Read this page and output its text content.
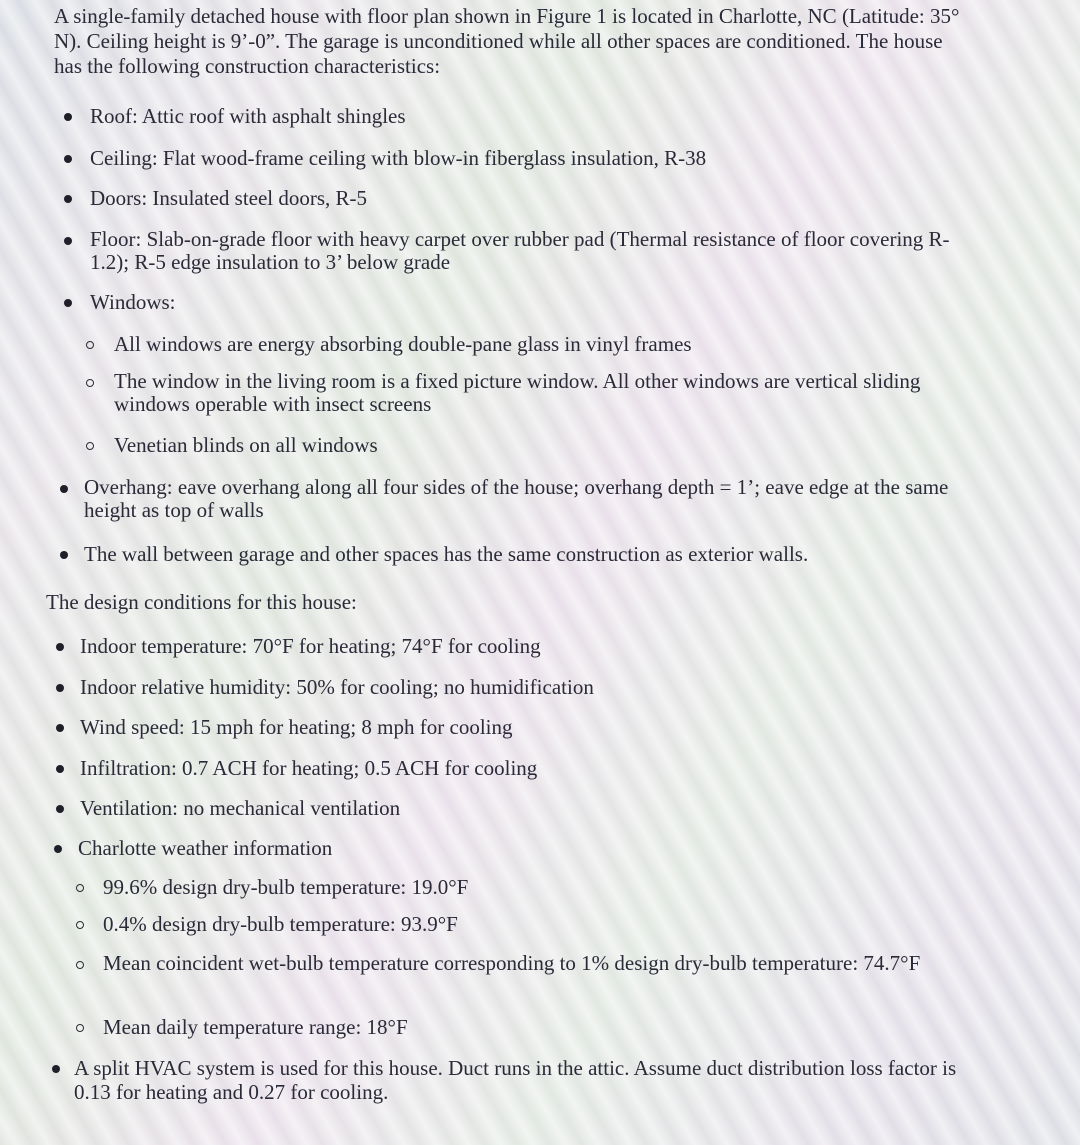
A single-family detached house with floor plan shown in Figure 1 is located in Charlotte, NC (Latitude: 35° N). Ceiling height is 9’-0”. The garage is unconditioned while all other spaces are conditioned. The house has the following construction characteristics:

Roof: Attic roof with asphalt shingles
Ceiling: Flat wood-frame ceiling with blow-in fiberglass insulation, R-38
Doors: Insulated steel doors, R-5
Floor: Slab-on-grade floor with heavy carpet over rubber pad (Thermal resistance of floor covering R-1.2); R-5 edge insulation to 3’ below grade
Windows:
All windows are energy absorbing double-pane glass in vinyl frames
The window in the living room is a fixed picture window. All other windows are vertical sliding windows operable with insect screens
Venetian blinds on all windows
Overhang: eave overhang along all four sides of the house; overhang depth = 1’; eave edge at the same height as top of walls
The wall between garage and other spaces has the same construction as exterior walls.
The design conditions for this house:
Indoor temperature: 70°F for heating; 74°F for cooling
Indoor relative humidity: 50% for cooling; no humidification
Wind speed: 15 mph for heating; 8 mph for cooling
Infiltration: 0.7 ACH for heating; 0.5 ACH for cooling
Ventilation: no mechanical ventilation
Charlotte weather information
99.6% design dry-bulb temperature: 19.0°F
0.4% design dry-bulb temperature: 93.9°F
Mean coincident wet-bulb temperature corresponding to 1% design dry-bulb temperature: 74.7°F
Mean daily temperature range: 18°F
A split HVAC system is used for this house. Duct runs in the attic. Assume duct distribution loss factor is 0.13 for heating and 0.27 for cooling.
